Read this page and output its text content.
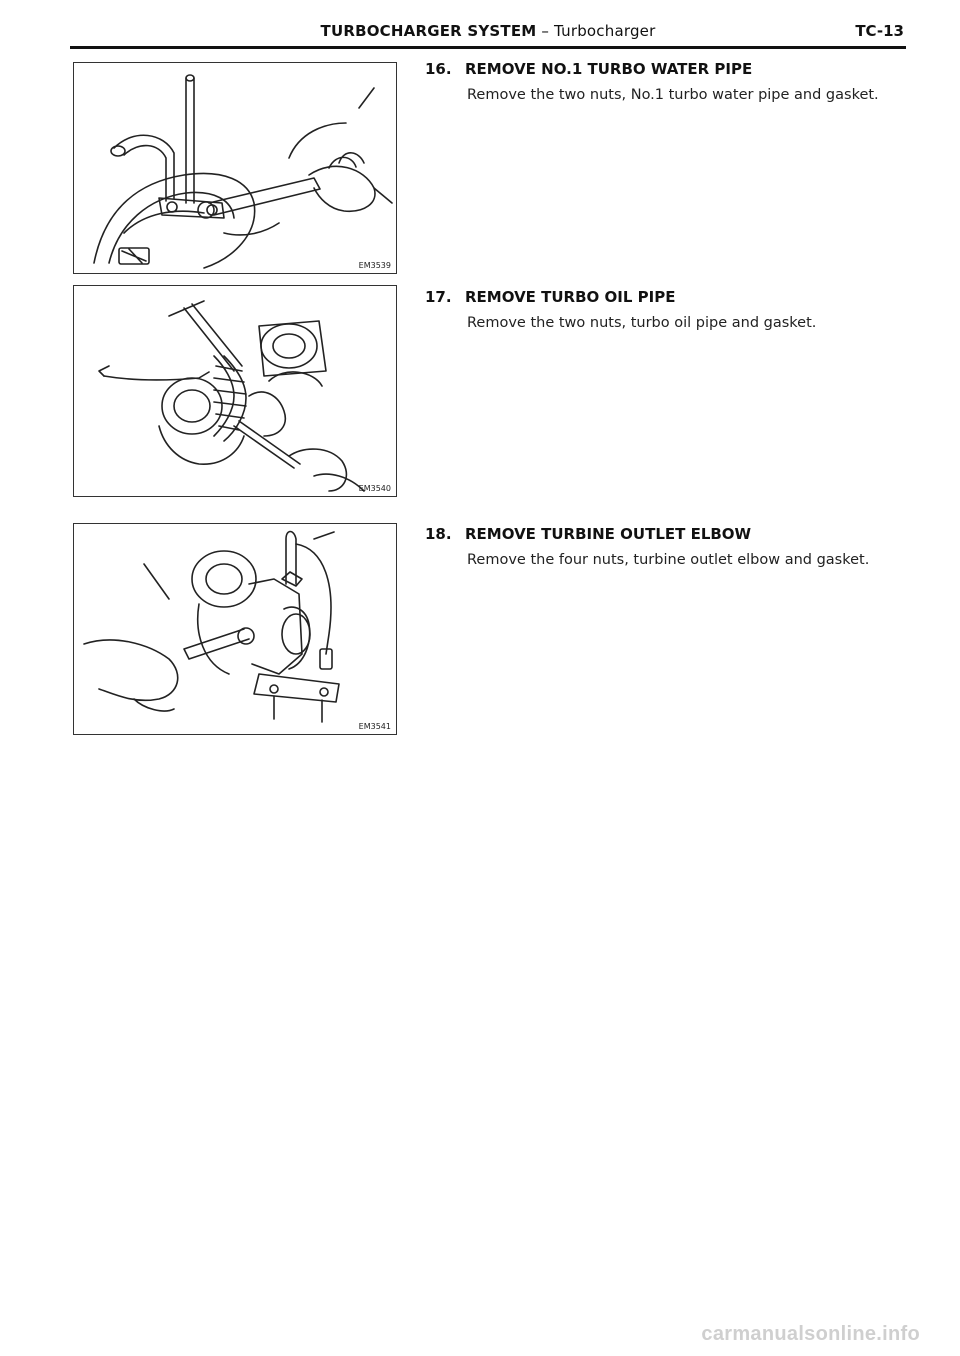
TURBOCHARGER SYSTEM – Turbocharger	TC-13
EM3539
EM3540
EM3541
16. REMOVE NO.1 TURBO WATER PIPE
Remove the two nuts, No.1 turbo water pipe and gasket.
17. REMOVE TURBO OIL PIPE
Remove the two nuts, turbo oil pipe and gasket.
18. REMOVE TURBINE OUTLET ELBOW
Remove the four nuts, turbine outlet elbow and gasket.
carmanualsonline.info
